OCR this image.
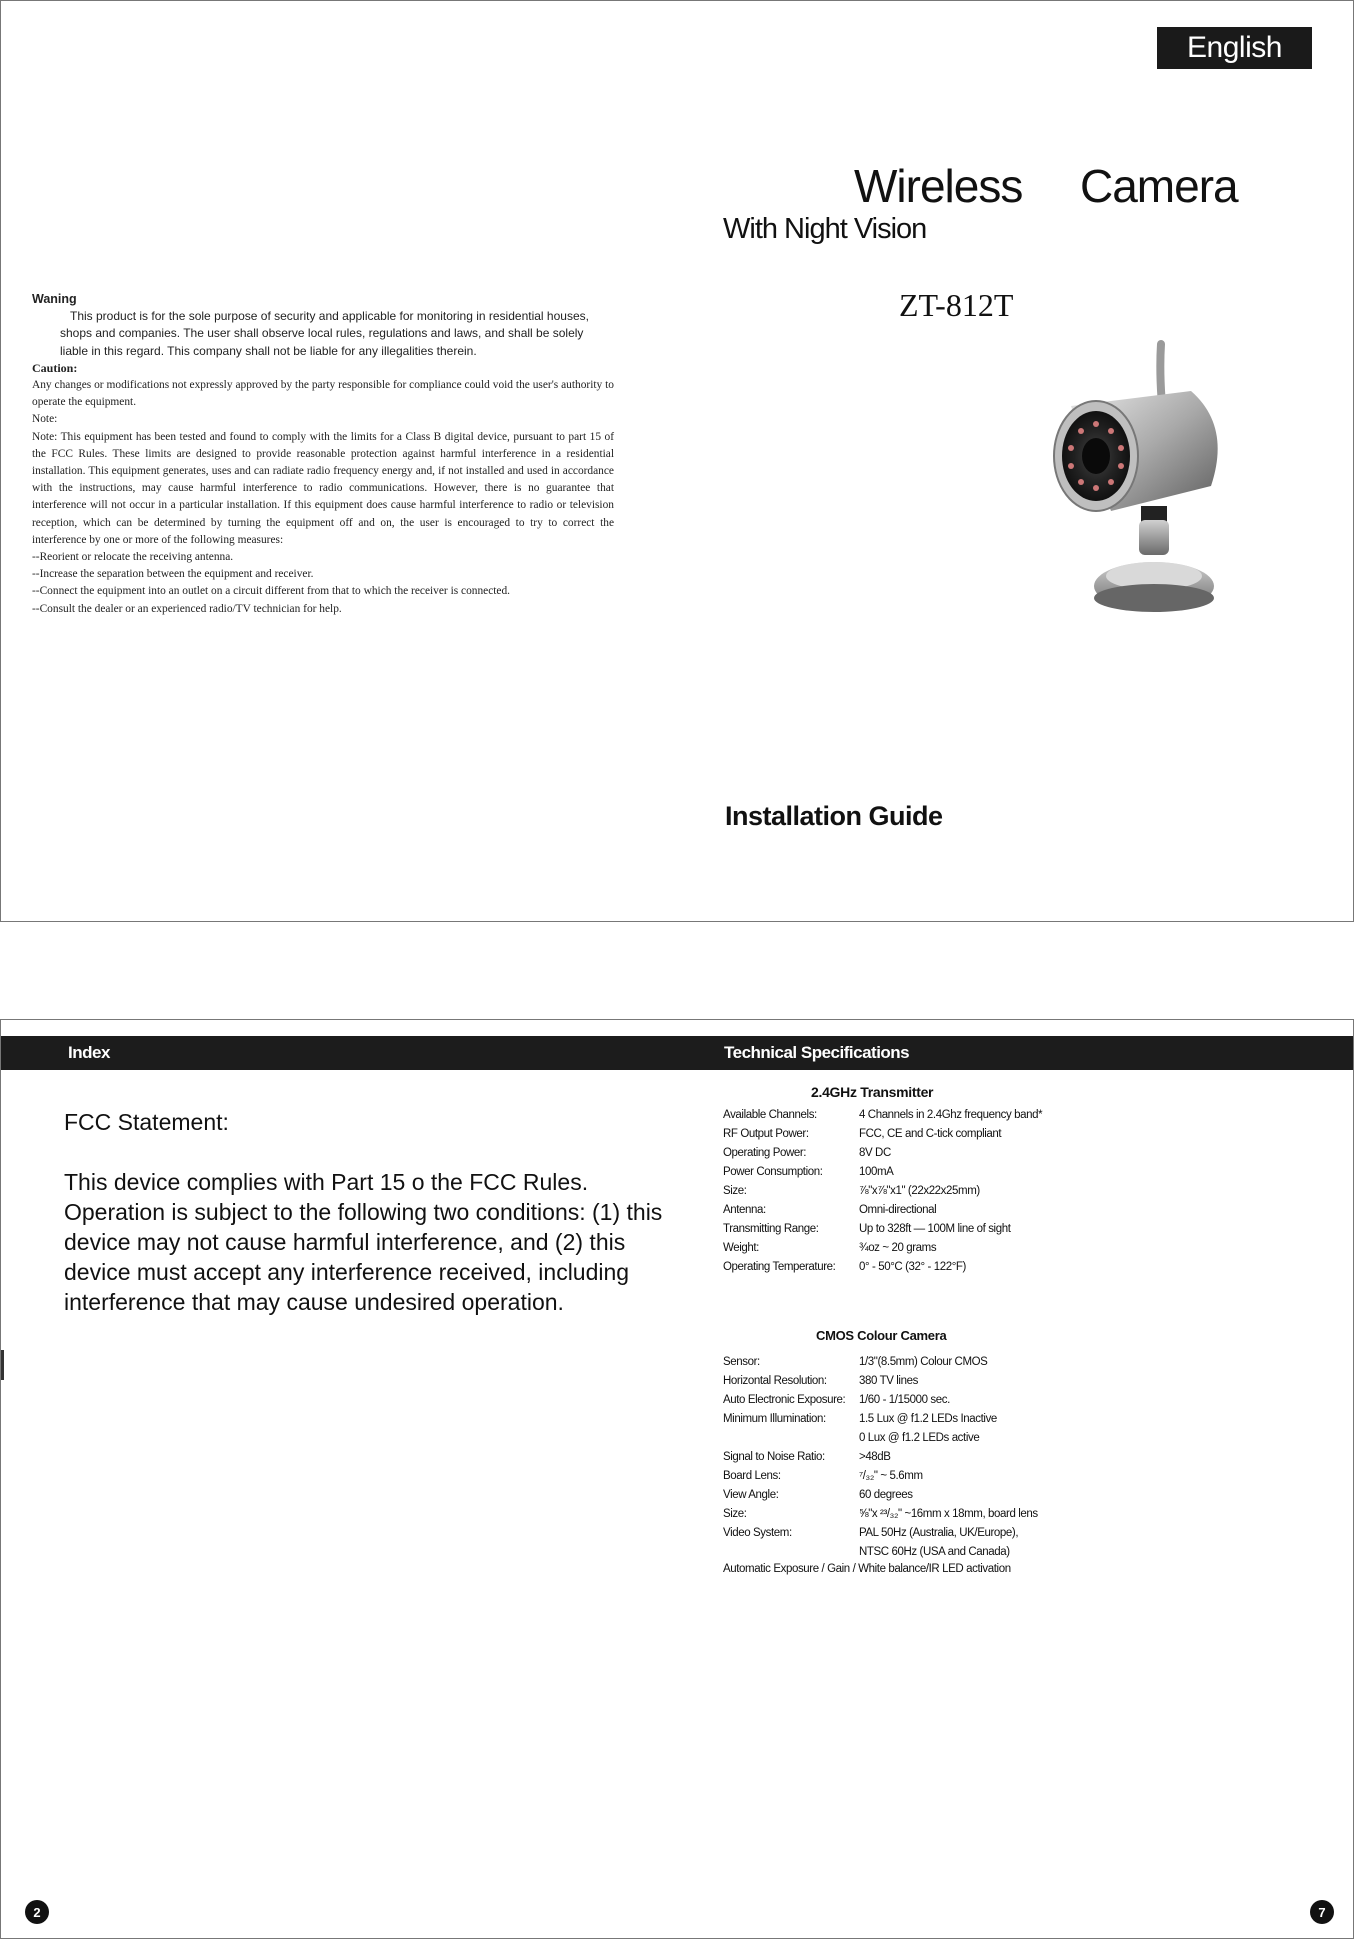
English
Wireless Camera
With Night Vision
ZT-812T
Waning
This product is for the sole purpose of security and applicable for monitoring in residential houses, shops and companies. The user shall observe local rules, regulations and laws, and shall be solely liable in this regard. This company shall not be liable for any illegalities therein.
Caution:
Any changes or modifications not expressly approved by the party responsible for compliance could void the user's authority to operate the equipment.
Note:
Note: This equipment has been tested and found to comply with the limits for a Class B digital device, pursuant to part 15 of the FCC Rules. These limits are designed to provide reasonable protection against harmful interference in a residential installation. This equipment generates, uses and can radiate radio frequency energy and, if not installed and used in accordance with the instructions, may cause harmful interference to radio communications. However, there is no guarantee that interference will not occur in a particular installation. If this equipment does cause harmful interference to radio or television reception, which can be determined by turning the equipment off and on, the user is encouraged to try to correct the interference by one or more of the following measures:
--Reorient or relocate the receiving antenna.
--Increase the separation between the equipment and receiver.
--Connect the equipment into an outlet on a circuit different from that to which the receiver is connected.
--Consult the dealer or an experienced radio/TV technician for help.
Installation Guide
Index	Technical Specifications
FCC Statement:
This device complies with Part 15 o the FCC Rules. Operation is subject to the following two conditions: (1) this device may not cause harmful interference, and (2) this device must accept any interference received, including interference that may cause undesired operation.
2.4GHz Transmitter
Available Channels:	4 Channels in 2.4Ghz frequency band*
RF Output Power:	FCC, CE and C-tick compliant
Operating Power:	8V DC
Power Consumption:	100mA
Size:	⅞"x⅞"x1" (22x22x25mm)
Antenna:	Omni-directional
Transmitting Range:	Up to 328ft — 100M line of sight
Weight:	¾oz ~ 20 grams
Operating Temperature:	0° - 50°C (32° - 122°F)
CMOS Colour Camera
Sensor:	1/3"(8.5mm) Colour CMOS
Horizontal Resolution:	380 TV lines
Auto Electronic Exposure:	1/60 - 1/15000 sec.
Minimum Illumination:	1.5 Lux @ f1.2 LEDs Inactive
0 Lux @ f1.2 LEDs active
Signal to Noise Ratio:	>48dB
Board Lens:	⁷/₃₂" ~ 5.6mm
View Angle:	60 degrees
Size:	⅝"x ²³/₃₂" ~16mm x 18mm, board lens
Video System:	PAL 50Hz (Australia, UK/Europe),
NTSC 60Hz (USA and Canada)
Automatic Exposure / Gain / White balance/IR LED activation
2	7
